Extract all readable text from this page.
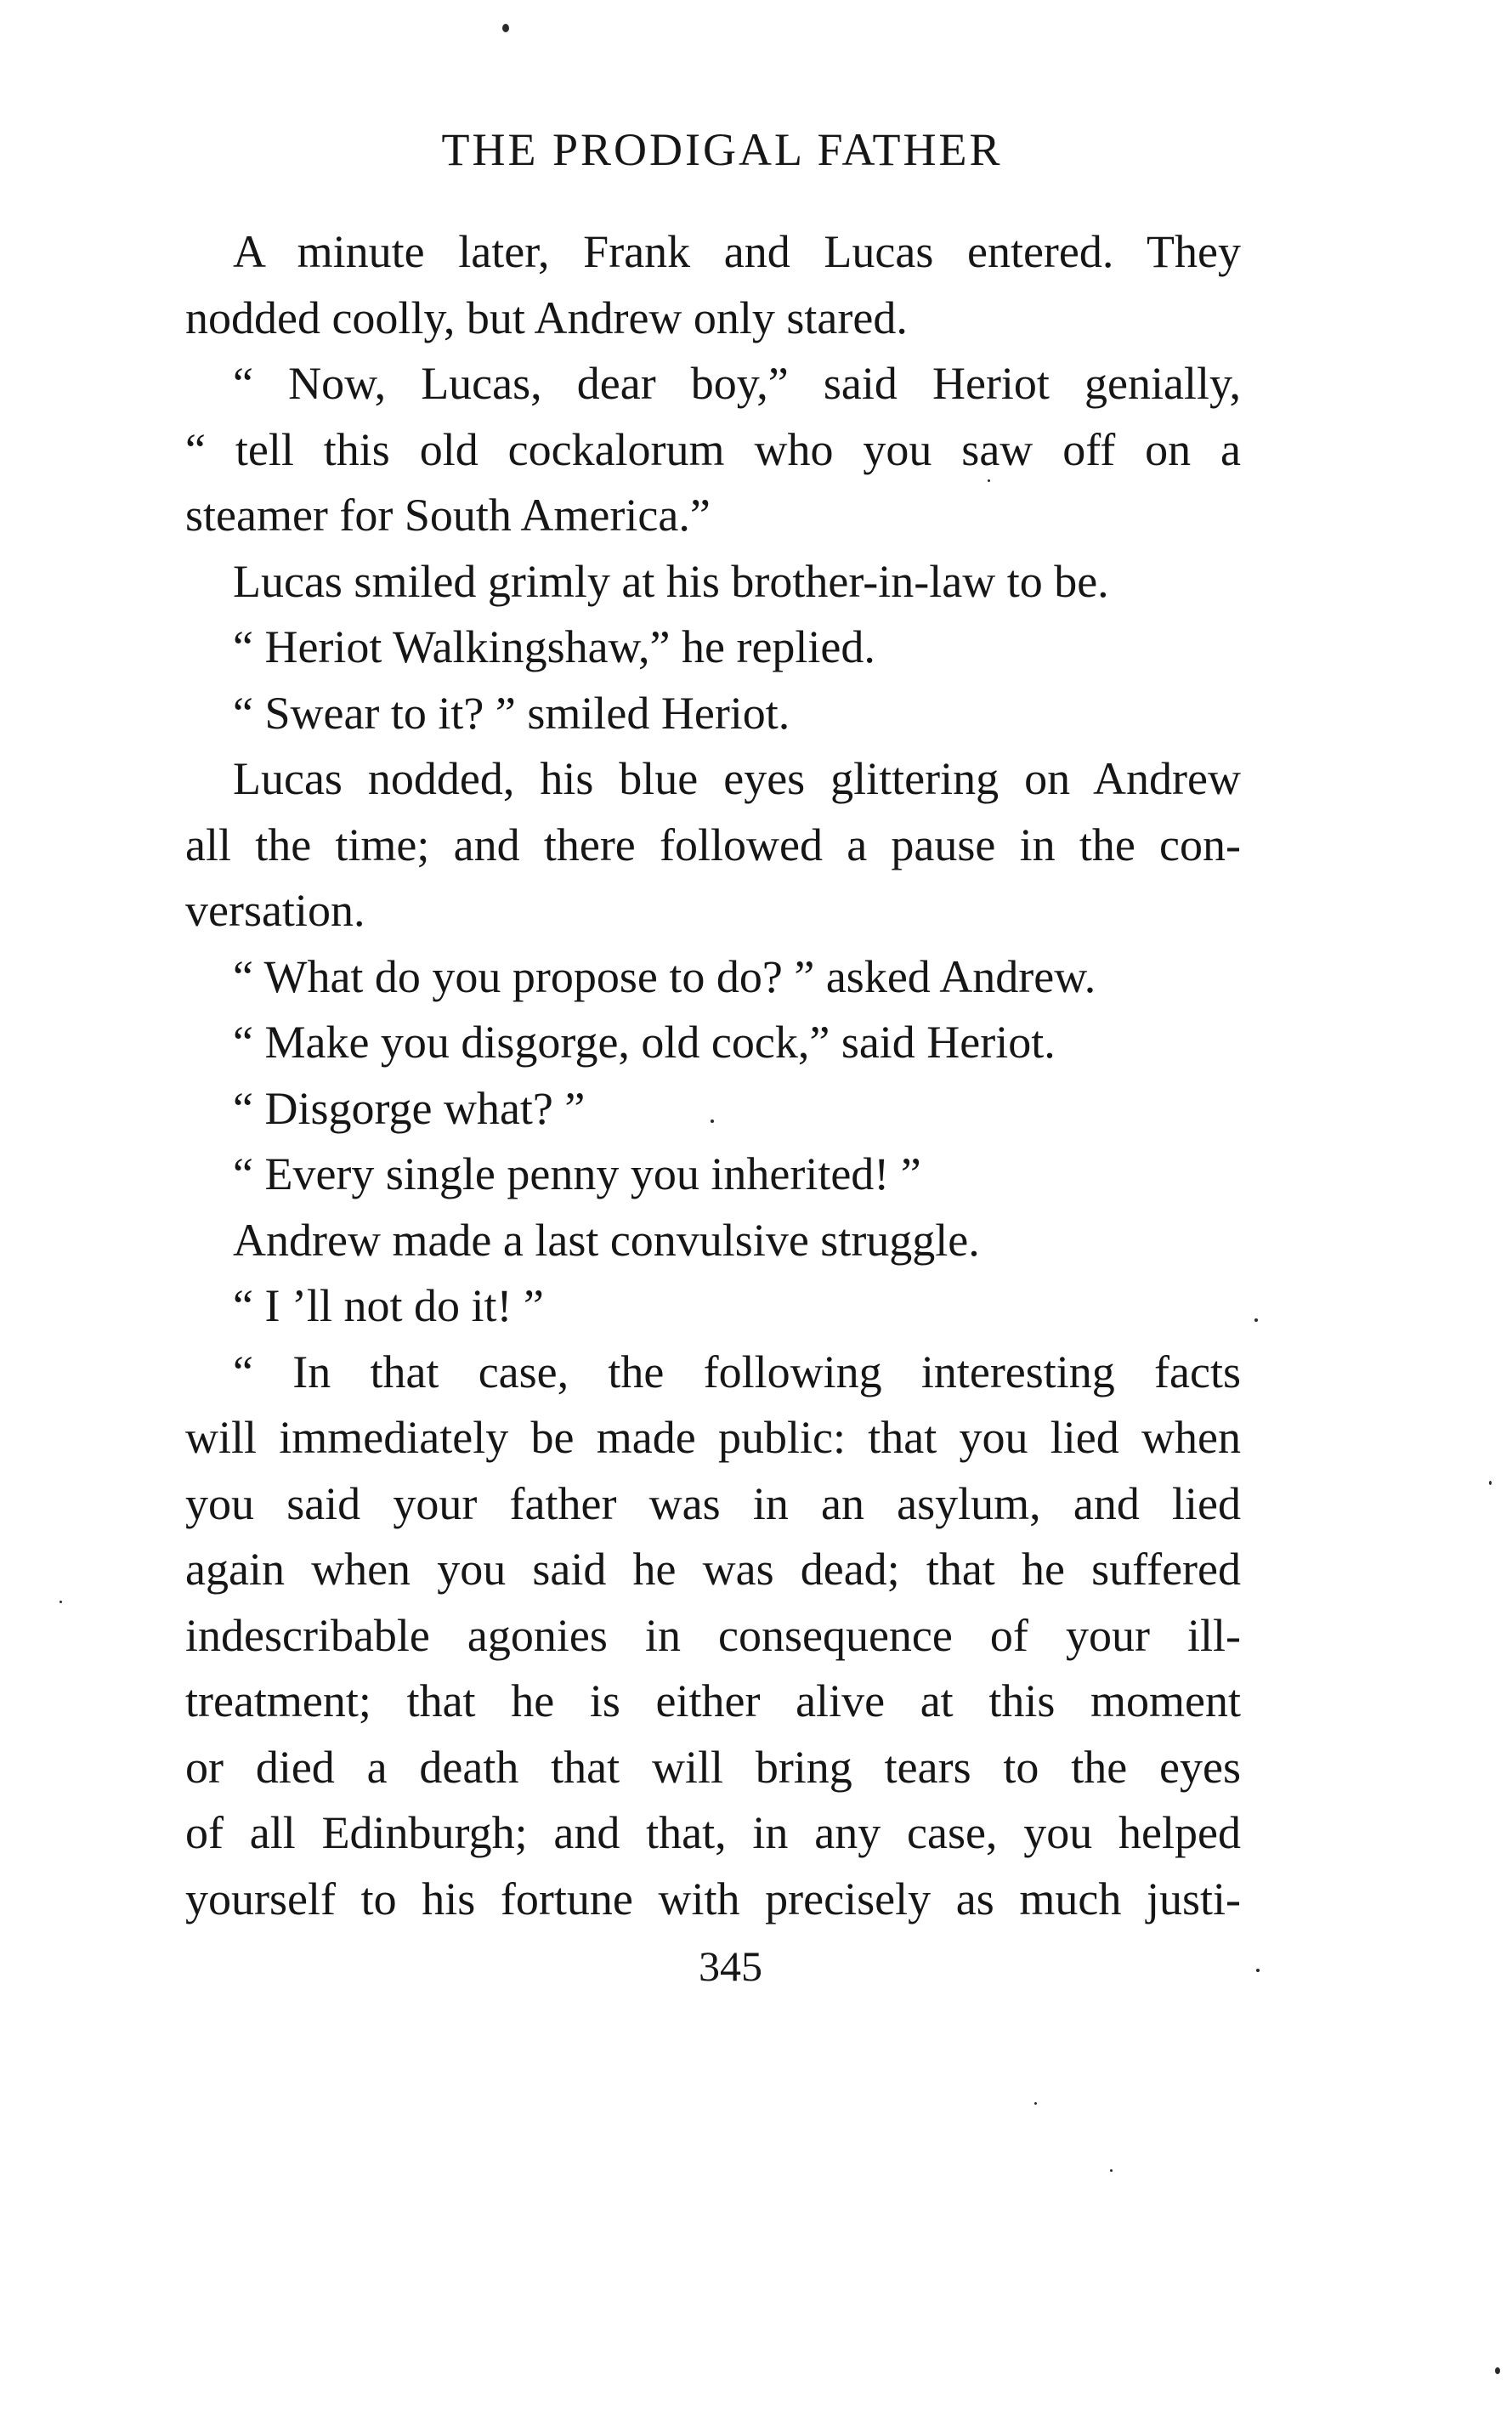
THE PRODIGAL FATHER
A minute later, Frank and Lucas entered. They
nodded coolly, but Andrew only stared.
“ Now, Lucas, dear boy,” said Heriot genially,
“ tell this old cockalorum who you saw off on a
steamer for South America.”
Lucas smiled grimly at his brother-in-law to be.
“ Heriot Walkingshaw,” he replied.
“ Swear to it? ” smiled Heriot.
Lucas nodded, his blue eyes glittering on Andrew
all the time; and there followed a pause in the con-
versation.
“ What do you propose to do? ” asked Andrew.
“ Make you disgorge, old cock,” said Heriot.
“ Disgorge what? ”
“ Every single penny you inherited! ”
Andrew made a last convulsive struggle.
“ I ’ll not do it! ”
“ In that case, the following interesting facts
will immediately be made public: that you lied when
you said your father was in an asylum, and lied
again when you said he was dead; that he suffered
indescribable agonies in consequence of your ill-
treatment; that he is either alive at this moment
or died a death that will bring tears to the eyes
of all Edinburgh; and that, in any case, you helped
yourself to his fortune with precisely as much justi-
345
